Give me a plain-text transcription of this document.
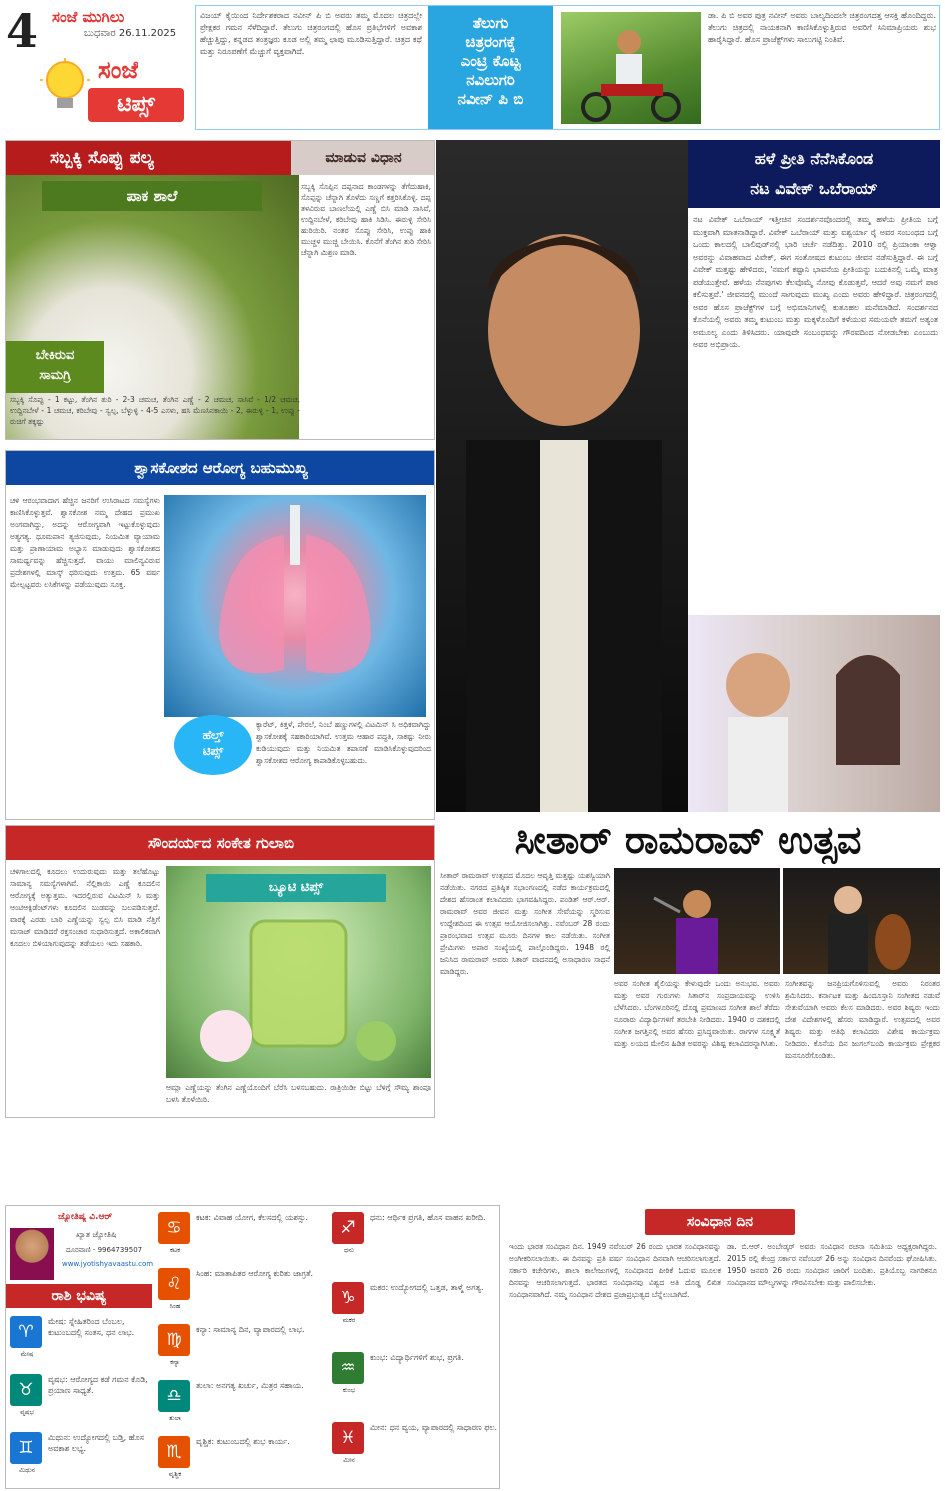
4 ಸಂಜೆ ಮುಗಿಲು
ಬುಧವಾರ 26.11.2025
ಸಂಜೆ
ಟಿಪ್ಸ್
ವಿಜಯ್ ಕೈಯಿಂದ ನಿರ್ದೇಶಕರಾದ ನವೀನ್ ಪಿ ಬಿ ಅವರು ತಮ್ಮ ಮೊದಲ ಚಿತ್ರದಲ್ಲೇ ಪ್ರೇಕ್ಷಕರ ಗಮನ ಸೆಳೆದಿದ್ದಾರೆ. ತೆಲುಗು ಚಿತ್ರರಂಗದಲ್ಲಿ ಹೊಸ ಪ್ರತಿಭೆಗಳಿಗೆ ಅವಕಾಶ ಹೆಚ್ಚುತ್ತಿದ್ದು, ಕನ್ನಡದ ತಂತ್ರಜ್ಞರು ಕೂಡ ಅಲ್ಲಿ ತಮ್ಮ ಛಾಪು ಮೂಡಿಸುತ್ತಿದ್ದಾರೆ. ಚಿತ್ರದ ಕಥೆ ಮತ್ತು ನಿರೂಪಣೆಗೆ ಮೆಚ್ಚುಗೆ ವ್ಯಕ್ತವಾಗಿದೆ.
ತೆಲುಗು
ಚಿತ್ರರಂಗಕ್ಕೆ
ಎಂಟ್ರಿ ಕೊಟ್ಟ
ನವಿಲುಗರಿ
ನವೀನ್ ಪಿ ಬಿ
ಡಾ. ಪಿ ಬಿ ಅವರ ಪುತ್ರ ನವೀನ್ ಅವರು ಬಾಲ್ಯದಿಂದಲೇ ಚಿತ್ರರಂಗದತ್ತ ಆಸಕ್ತಿ ಹೊಂದಿದ್ದರು. ತೆಲುಗು ಚಿತ್ರದಲ್ಲಿ ನಾಯಕನಾಗಿ ಕಾಣಿಸಿಕೊಳ್ಳುತ್ತಿರುವ ಅವರಿಗೆ ಸಿನಿಮಾಪ್ರಿಯರು ಶುಭ ಹಾರೈಸಿದ್ದಾರೆ. ಹೊಸ ಪ್ರಾಜೆಕ್ಟ್‌ಗಳು ಸಾಲುಗಟ್ಟಿ ನಿಂತಿವೆ.
ಸಬ್ಬಕ್ಕಿ ಸೊಪ್ಪು ಪಲ್ಯ	ಮಾಡುವ ವಿಧಾನ
ಪಾಕ ಶಾಲೆ
ಬೇಕಿರುವ
ಸಾಮಗ್ರಿ
ಸಬ್ಬಕ್ಕಿ ಸೊಪ್ಪಿನ ದಪ್ಪನಾದ ಕಾಂಡಗಳನ್ನು ತೆಗೆದುಹಾಕಿ, ಸೊಪ್ಪನ್ನು ಚೆನ್ನಾಗಿ ತೊಳೆದು ಸಣ್ಣಗೆ ಕತ್ತರಿಸಿಕೊಳ್ಳಿ. ದಪ್ಪ ತಳವಿರುವ ಬಾಣಲೆಯಲ್ಲಿ ಎಣ್ಣೆ ಬಿಸಿ ಮಾಡಿ ಸಾಸಿವೆ, ಉದ್ದಿನಬೇಳೆ, ಕರಿಬೇವು ಹಾಕಿ ಸಿಡಿಸಿ. ಈರುಳ್ಳಿ ಸೇರಿಸಿ ಹುರಿಯಿರಿ. ನಂತರ ಸೊಪ್ಪು ಸೇರಿಸಿ, ಉಪ್ಪು ಹಾಕಿ ಮುಚ್ಚಳ ಮುಚ್ಚಿ ಬೇಯಿಸಿ. ಕೊನೆಗೆ ತೆಂಗಿನ ತುರಿ ಸೇರಿಸಿ ಚೆನ್ನಾಗಿ ಮಿಶ್ರಣ ಮಾಡಿ.
ಸಬ್ಬಕ್ಕಿ ಸೊಪ್ಪು - 1 ಕಟ್ಟು, ತೆಂಗಿನ ತುರಿ - 2-3 ಚಮಚ, ತೆಂಗಿನ ಎಣ್ಣೆ - 2 ಚಮಚ, ಸಾಸಿವೆ - 1/2 ಚಮಚ, ಉದ್ದಿನಬೇಳೆ - 1 ಚಮಚ, ಕರಿಬೇವು - ಸ್ವಲ್ಪ, ಬೆಳ್ಳುಳ್ಳಿ - 4-5 ಎಸಳು, ಹಸಿ ಮೆಣಸಿನಕಾಯಿ - 2, ಈರುಳ್ಳಿ - 1, ಉಪ್ಪು - ರುಚಿಗೆ ತಕ್ಕಷ್ಟು
ಶ್ವಾಸಕೋಶದ ಆರೋಗ್ಯ ಬಹುಮುಖ್ಯ
ಹೆಲ್ತ್
ಟಿಪ್ಸ್
ಚಳಿ ಆರಂಭವಾದಾಗ ಹೆಚ್ಚಿನ ಜನರಿಗೆ ಉಸಿರಾಟದ ಸಮಸ್ಯೆಗಳು ಕಾಣಿಸಿಕೊಳ್ಳುತ್ತವೆ. ಶ್ವಾಸಕೋಶ ನಮ್ಮ ದೇಹದ ಪ್ರಮುಖ ಅಂಗವಾಗಿದ್ದು, ಅದನ್ನು ಆರೋಗ್ಯವಾಗಿ ಇಟ್ಟುಕೊಳ್ಳುವುದು ಅತ್ಯಗತ್ಯ. ಧೂಮಪಾನ ತ್ಯಜಿಸುವುದು, ನಿಯಮಿತ ವ್ಯಾಯಾಮ ಮತ್ತು ಪ್ರಾಣಾಯಾಮ ಅಭ್ಯಾಸ ಮಾಡುವುದು ಶ್ವಾಸಕೋಶದ ಸಾಮರ್ಥ್ಯವನ್ನು ಹೆಚ್ಚಿಸುತ್ತದೆ. ವಾಯು ಮಾಲಿನ್ಯವಿರುವ ಪ್ರದೇಶಗಳಲ್ಲಿ ಮಾಸ್ಕ್ ಧರಿಸುವುದು ಉತ್ತಮ. 65 ವರ್ಷ ಮೇಲ್ಪಟ್ಟವರು ಲಸಿಕೆಗಳನ್ನು ಪಡೆಯುವುದು ಸೂಕ್ತ.
ಕ್ಯಾರೆಟ್, ಕಿತ್ತಳೆ, ಪೇರಲೆ, ನಿಂಬೆ ಹಣ್ಣುಗಳಲ್ಲಿ ವಿಟಮಿನ್ ಸಿ ಅಧಿಕವಾಗಿದ್ದು ಶ್ವಾಸಕೋಶಕ್ಕೆ ಸಹಕಾರಿಯಾಗಿವೆ. ಉತ್ತಮ ಆಹಾರ ಪದ್ಧತಿ, ಸಾಕಷ್ಟು ನೀರು ಕುಡಿಯುವುದು ಮತ್ತು ನಿಯಮಿತ ತಪಾಸಣೆ ಮಾಡಿಸಿಕೊಳ್ಳುವುದರಿಂದ ಶ್ವಾಸಕೋಶದ ಆರೋಗ್ಯ ಕಾಪಾಡಿಕೊಳ್ಳಬಹುದು.
ಸೌಂದರ್ಯದ ಸಂಕೇತ ಗುಲಾಬಿ
ಚಳಿಗಾಲದಲ್ಲಿ ಕೂದಲು ಉದುರುವುದು ಮತ್ತು ತಲೆಹೊಟ್ಟು ಸಾಮಾನ್ಯ ಸಮಸ್ಯೆಗಳಾಗಿವೆ. ನೆಲ್ಲಿಕಾಯಿ ಎಣ್ಣೆ ಕೂದಲಿನ ಆರೋಗ್ಯಕ್ಕೆ ಅತ್ಯುತ್ತಮ. ಇದರಲ್ಲಿರುವ ವಿಟಮಿನ್ ಸಿ ಮತ್ತು ಆಂಟಿಆಕ್ಸಿಡೆಂಟ್‌ಗಳು ಕೂದಲಿನ ಬುಡವನ್ನು ಬಲಪಡಿಸುತ್ತವೆ. ವಾರಕ್ಕೆ ಎರಡು ಬಾರಿ ಎಣ್ಣೆಯನ್ನು ಸ್ವಲ್ಪ ಬಿಸಿ ಮಾಡಿ ನೆತ್ತಿಗೆ ಮಸಾಜ್ ಮಾಡಿದರೆ ರಕ್ತಸಂಚಾರ ಸುಧಾರಿಸುತ್ತದೆ. ಅಕಾಲಿಕವಾಗಿ ಕೂದಲು ಬಿಳಿಯಾಗುವುದನ್ನು ತಡೆಯಲು ಇದು ಸಹಕಾರಿ.
ಬ್ಯೂಟಿ ಟಿಪ್ಸ್
ಆಮ್ಲಾ ಎಣ್ಣೆಯನ್ನು ತೆಂಗಿನ ಎಣ್ಣೆಯೊಂದಿಗೆ ಬೆರೆಸಿ ಬಳಸಬಹುದು. ರಾತ್ರಿಯಿಡೀ ಬಿಟ್ಟು ಬೆಳಿಗ್ಗೆ ಸೌಮ್ಯ ಶಾಂಪೂ ಬಳಸಿ ತೊಳೆಯಿರಿ.
ಹಳೆ ಪ್ರೀತಿ ನೆನೆಸಿಕೊಂಡ
ನಟ ವಿವೇಕ್ ಒಬೆರಾಯ್
ನಟ ವಿವೇಕ್ ಒಬೆರಾಯ್ ಇತ್ತೀಚಿನ ಸಂದರ್ಶನವೊಂದರಲ್ಲಿ ತಮ್ಮ ಹಳೆಯ ಪ್ರೀತಿಯ ಬಗ್ಗೆ ಮುಕ್ತವಾಗಿ ಮಾತನಾಡಿದ್ದಾರೆ. ವಿವೇಕ್ ಒಬೆರಾಯ್ ಮತ್ತು ಐಶ್ವರ್ಯಾ ರೈ ಅವರ ಸಂಬಂಧದ ಬಗ್ಗೆ ಒಂದು ಕಾಲದಲ್ಲಿ ಬಾಲಿವುಡ್‌ನಲ್ಲಿ ಭಾರಿ ಚರ್ಚೆ ನಡೆದಿತ್ತು. 2010 ರಲ್ಲಿ ಪ್ರಿಯಾಂಕಾ ಆಳ್ವಾ ಅವರನ್ನು ವಿವಾಹವಾದ ವಿವೇಕ್, ಈಗ ಸಂತೋಷದ ಕುಟುಂಬ ಜೀವನ ನಡೆಸುತ್ತಿದ್ದಾರೆ. ಈ ಬಗ್ಗೆ ವಿವೇಕ್ ಮತ್ತಷ್ಟು ಹೇಳಿದರು, 'ನಮಗೆ ಕಷ್ಟಾನಿ ಭಾವನೆಯ ಪ್ರೀತಿಯನ್ನು ಬದುಕಿನಲ್ಲಿ ಒಮ್ಮೆ ಮಾತ್ರ ಪಡೆಯುತ್ತೇವೆ. ಹಳೆಯ ನೆನಪುಗಳು ಕೆಲವೊಮ್ಮೆ ನೋವು ಕೊಡುತ್ತವೆ, ಆದರೆ ಅವು ನಮಗೆ ಪಾಠ ಕಲಿಸುತ್ತವೆ.' ಜೀವನದಲ್ಲಿ ಮುಂದೆ ಸಾಗುವುದು ಮುಖ್ಯ ಎಂದು ಅವರು ಹೇಳಿದ್ದಾರೆ. ಚಿತ್ರರಂಗದಲ್ಲಿ ಅವರ ಹೊಸ ಪ್ರಾಜೆಕ್ಟ್‌ಗಳ ಬಗ್ಗೆ ಅಭಿಮಾನಿಗಳಲ್ಲಿ ಕುತೂಹಲ ಮನೆಮಾಡಿದೆ. ಸಂದರ್ಶನದ ಕೊನೆಯಲ್ಲಿ ಅವರು ತಮ್ಮ ಕುಟುಂಬ ಮತ್ತು ಮಕ್ಕಳೊಂದಿಗೆ ಕಳೆಯುವ ಸಮಯವೇ ತಮಗೆ ಅತ್ಯಂತ ಅಮೂಲ್ಯ ಎಂದು ತಿಳಿಸಿದರು. ಯಾವುದೇ ಸಂಬಂಧವನ್ನು ಗೌರವದಿಂದ ನೋಡಬೇಕು ಎಂಬುದು ಅವರ ಅಭಿಪ್ರಾಯ.
ಸೀತಾರ್ ರಾಮರಾವ್ ಉತ್ಸವ
ಸೀತಾರ್ ರಾಮರಾವ್ ಉತ್ಸವದ ಮೊದಲ ಆವೃತ್ತಿ ಮತ್ತಷ್ಟು ಯಶಸ್ವಿಯಾಗಿ ನಡೆಯಿತು. ನಗರದ ಪ್ರತಿಷ್ಠಿತ ಸಭಾಂಗಣದಲ್ಲಿ ನಡೆದ ಕಾರ್ಯಕ್ರಮದಲ್ಲಿ ದೇಶದ ಹೆಸರಾಂತ ಕಲಾವಿದರು ಭಾಗವಹಿಸಿದ್ದರು. ಪಂಡಿತ್ ಆರ್.ಆರ್. ರಾಮರಾವ್ ಅವರ ಜೀವನ ಮತ್ತು ಸಂಗೀತ ಸೇವೆಯನ್ನು ಸ್ಮರಿಸುವ ಉದ್ದೇಶದಿಂದ ಈ ಉತ್ಸವ ಆಯೋಜಿಸಲಾಗಿತ್ತು. ನವೆಂಬರ್ 28 ರಂದು ಪ್ರಾರಂಭವಾದ ಉತ್ಸವ ಮೂರು ದಿನಗಳ ಕಾಲ ನಡೆಯಿತು. ಸಂಗೀತ ಪ್ರೇಮಿಗಳು ಅಪಾರ ಸಂಖ್ಯೆಯಲ್ಲಿ ಪಾಲ್ಗೊಂಡಿದ್ದರು. 1948 ರಲ್ಲಿ ಜನಿಸಿದ ರಾಮರಾವ್ ಅವರು ಸಿತಾರ್ ವಾದನದಲ್ಲಿ ಅಸಾಧಾರಣ ಸಾಧನೆ ಮಾಡಿದ್ದರು.
ಅವರ ಸಂಗೀತ ಶೈಲಿಯನ್ನು ಕೇಳುವುದೇ ಒಂದು ಅನುಭವ. ಅವರು ಮತ್ತು ಅವರ ಗುರುಗಳು ಸಿತಾರ್‌ನ ಸಂಪ್ರದಾಯವನ್ನು ಉಳಿಸಿ ಬೆಳೆಸಿದರು. ಬೆಂಗಳೂರಿನಲ್ಲಿ ದೊಡ್ಡ ಪ್ರಮಾಣದ ಸಂಗೀತ ಶಾಲೆ ತೆರೆದು ನೂರಾರು ವಿದ್ಯಾರ್ಥಿಗಳಿಗೆ ತರಬೇತಿ ನೀಡಿದರು. 1940 ರ ದಶಕದಲ್ಲಿ ಸಂಗೀತ ಜಗತ್ತಿನಲ್ಲಿ ಅವರ ಹೆಸರು ಪ್ರಸಿದ್ಧವಾಯಿತು. ರಾಗಗಳ ಸೂಕ್ಷ್ಮತೆ ಮತ್ತು ಲಯದ ಮೇಲಿನ ಹಿಡಿತ ಅವರನ್ನು ವಿಶಿಷ್ಟ ಕಲಾವಿದರನ್ನಾಗಿಸಿತು.
ಸಂಗೀತವನ್ನು ಜನಪ್ರಿಯಗೊಳಿಸುವಲ್ಲಿ ಅವರು ನಿರಂತರ ಶ್ರಮಿಸಿದರು. ಕರ್ನಾಟಕ ಮತ್ತು ಹಿಂದೂಸ್ತಾನಿ ಸಂಗೀತದ ನಡುವೆ ಸೇತುವೆಯಾಗಿ ಅವರು ಕೆಲಸ ಮಾಡಿದರು. ಅವರ ಶಿಷ್ಯರು ಇಂದು ದೇಶ ವಿದೇಶಗಳಲ್ಲಿ ಹೆಸರು ಮಾಡಿದ್ದಾರೆ. ಉತ್ಸವದಲ್ಲಿ ಅವರ ಶಿಷ್ಯರು ಮತ್ತು ಅತಿಥಿ ಕಲಾವಿದರು ವಿಶೇಷ ಕಾರ್ಯಕ್ರಮ ನೀಡಿದರು. ಕೊನೆಯ ದಿನ ಜುಗಲ್‌ಬಂದಿ ಕಾರ್ಯಕ್ರಮ ಪ್ರೇಕ್ಷಕರ ಮನಸೂರೆಗೊಂಡಿತು.
ಜ್ಯೋತಿಷ್ಯ ವಿ.ಆರ್
ಖ್ಯಾತ ಜ್ಯೋತಿಷಿ
ದೂರವಾಣಿ - 9964739507
www.jyotishyavaastu.com
ರಾಶಿ ಭವಿಷ್ಯ
♈
ಮೇಷ
ಮೇಷ: ಸ್ನೇಹಿತರಿಂದ ಬೆಂಬಲ, ಕುಟುಂಬದಲ್ಲಿ ಸಂತಸ, ಧನ ಲಾಭ.
♉
ವೃಷಭ
ವೃಷಭ: ಆರೋಗ್ಯದ ಕಡೆ ಗಮನ ಕೊಡಿ, ಪ್ರಯಾಣ ಸಾಧ್ಯತೆ.
♊
ಮಿಥುನ
ಮಿಥುನ: ಉದ್ಯೋಗದಲ್ಲಿ ಬಡ್ತಿ, ಹೊಸ ಅವಕಾಶ ಲಭ್ಯ.
♋
ಕಟಕ
ಕಟಕ: ವಿವಾಹ ಯೋಗ, ಕೆಲಸದಲ್ಲಿ ಯಶಸ್ಸು.
♌
ಸಿಂಹ
ಸಿಂಹ: ಮಾತಾಪಿತರ ಆರೋಗ್ಯ ಕುರಿತು ಜಾಗ್ರತೆ.
♍
ಕನ್ಯಾ
ಕನ್ಯಾ: ಸಾಮಾನ್ಯ ದಿನ, ವ್ಯಾಪಾರದಲ್ಲಿ ಲಾಭ.
♎
ತುಲಾ
ತುಲಾ: ಅನಗತ್ಯ ಖರ್ಚು, ಮಿತ್ರರ ಸಹಾಯ.
♏
ವೃಶ್ಚಿಕ
ವೃಶ್ಚಿಕ: ಕುಟುಂಬದಲ್ಲಿ ಶುಭ ಕಾರ್ಯ.
♐
ಧನು
ಧನು: ಆರ್ಥಿಕ ಪ್ರಗತಿ, ಹೊಸ ವಾಹನ ಖರೀದಿ.
♑
ಮಕರ
ಮಕರ: ಉದ್ಯೋಗದಲ್ಲಿ ಒತ್ತಡ, ತಾಳ್ಮೆ ಅಗತ್ಯ.
♒
ಕುಂಭ
ಕುಂಭ: ವಿದ್ಯಾರ್ಥಿಗಳಿಗೆ ಶುಭ, ಪ್ರಗತಿ.
♓
ಮೀನ
ಮೀನ: ಧನ ವ್ಯಯ, ವ್ಯಾಪಾರದಲ್ಲಿ ಸಾಧಾರಣ ಫಲ.
ಸಂವಿಧಾನ ದಿನ
ಇಂದು ಭಾರತ ಸಂವಿಧಾನ ದಿನ. 1949 ನವೆಂಬರ್ 26 ರಂದು ಭಾರತ ಸಂವಿಧಾನವನ್ನು ಅಂಗೀಕರಿಸಲಾಯಿತು. ಈ ದಿನವನ್ನು ಪ್ರತಿ ವರ್ಷ ಸಂವಿಧಾನ ದಿನವಾಗಿ ಆಚರಿಸಲಾಗುತ್ತದೆ. ಸರ್ಕಾರಿ ಕಚೇರಿಗಳು, ಶಾಲಾ ಕಾಲೇಜುಗಳಲ್ಲಿ ಸಂವಿಧಾನದ ಪೀಠಿಕೆ ಓದುವ ಮೂಲಕ ದಿನವನ್ನು ಆಚರಿಸಲಾಗುತ್ತದೆ. ಭಾರತದ ಸಂವಿಧಾನವು ವಿಶ್ವದ ಅತಿ ದೊಡ್ಡ ಲಿಖಿತ ಸಂವಿಧಾನವಾಗಿದೆ. ನಮ್ಮ ಸಂವಿಧಾನ ದೇಶದ ಪ್ರಜಾಪ್ರಭುತ್ವದ ಬೆನ್ನೆಲುಬಾಗಿದೆ.
ಡಾ. ಬಿ.ಆರ್. ಅಂಬೇಡ್ಕರ್ ಅವರು ಸಂವಿಧಾನ ರಚನಾ ಸಮಿತಿಯ ಅಧ್ಯಕ್ಷರಾಗಿದ್ದರು. 2015 ರಲ್ಲಿ ಕೇಂದ್ರ ಸರ್ಕಾರ ನವೆಂಬರ್ 26 ಅನ್ನು ಸಂವಿಧಾನ ದಿನವೆಂದು ಘೋಷಿಸಿತು. 1950 ಜನವರಿ 26 ರಂದು ಸಂವಿಧಾನ ಜಾರಿಗೆ ಬಂದಿತು. ಪ್ರತಿಯೊಬ್ಬ ನಾಗರಿಕನೂ ಸಂವಿಧಾನದ ಮೌಲ್ಯಗಳನ್ನು ಗೌರವಿಸಬೇಕು ಮತ್ತು ಪಾಲಿಸಬೇಕು.
